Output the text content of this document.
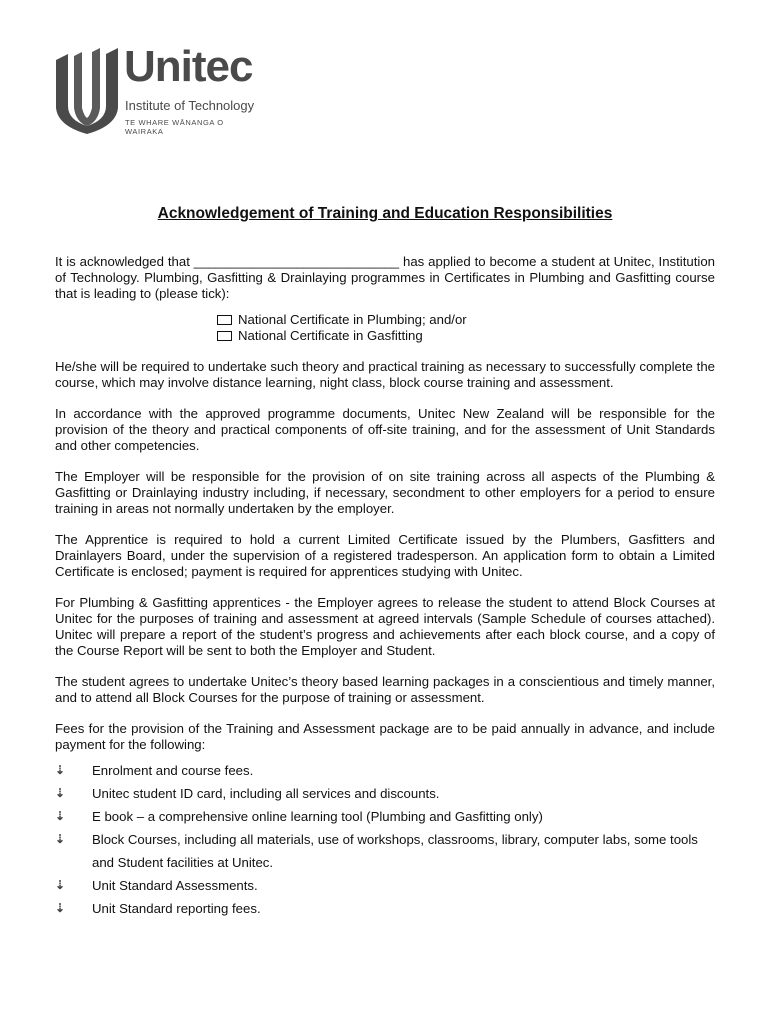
Unitec
Institute of Technology
TE WHARE WĀNANGA O WAIRAKA
Acknowledgement of Training and Education Responsibilities

It is acknowledged that ____________________________ has applied to become a student at Unitec, Institution of Technology. Plumbing, Gasfitting & Drainlaying programmes in Certificates in Plumbing and Gasfitting course that is leading to (please tick):

National Certificate in Plumbing; and/or
National Certificate in Gasfitting

He/she will be required to undertake such theory and practical training as necessary to successfully complete the course, which may involve distance learning, night class, block course training and assessment.

In accordance with the approved programme documents, Unitec New Zealand will be responsible for the provision of the theory and practical components of off-site training, and for the assessment of Unit Standards and other competencies.

The Employer will be responsible for the provision of on site training across all aspects of the Plumbing & Gasfitting or Drainlaying industry including, if necessary, secondment to other employers for a period to ensure training in areas not normally undertaken by the employer.

The Apprentice is required to hold a current Limited Certificate issued by the Plumbers, Gasfitters and Drainlayers Board, under the supervision of a registered tradesperson. An application form to obtain a Limited Certificate is enclosed; payment is required for apprentices studying with Unitec.

For Plumbing & Gasfitting apprentices - the Employer agrees to release the student to attend Block Courses at Unitec for the purposes of training and assessment at agreed intervals (Sample Schedule of courses attached). Unitec will prepare a report of the student’s progress and achievements after each block course, and a copy of the Course Report will be sent to both the Employer and Student.

The student agrees to undertake Unitec’s theory based learning packages in a conscientious and timely manner, and to attend all Block Courses for the purpose of training or assessment.

Fees for the provision of the Training and Assessment package are to be paid annually in advance, and include payment for the following:

⇣ Enrolment and course fees.
⇣ Unitec student ID card, including all services and discounts.
⇣ E book – a comprehensive online learning tool (Plumbing and Gasfitting only)
⇣ Block Courses, including all materials, use of workshops, classrooms, library, computer labs, some tools and Student facilities at Unitec.
⇣ Unit Standard Assessments.
⇣ Unit Standard reporting fees.
